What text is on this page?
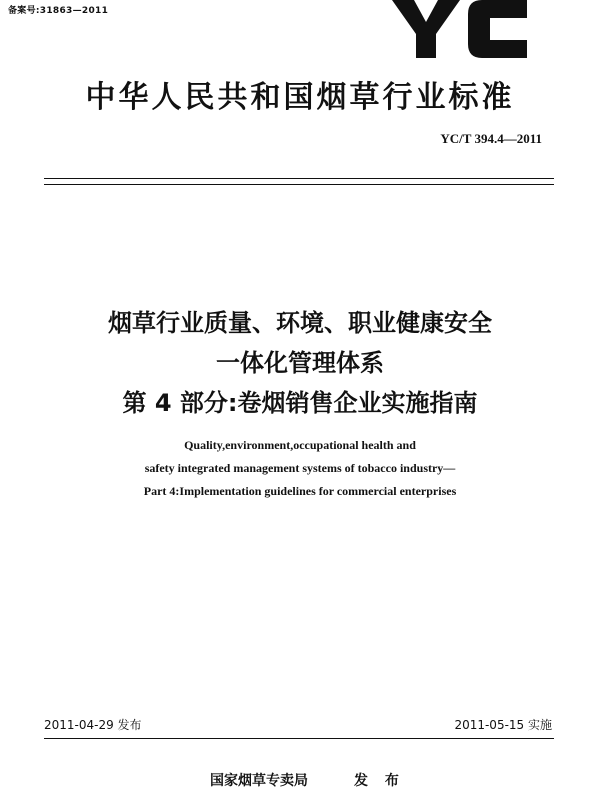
备案号:31863—2011
中华人民共和国烟草行业标准
YC/T 394.4—2011
烟草行业质量、环境、职业健康安全
一体化管理体系
第 4 部分:卷烟销售企业实施指南
Quality,environment,occupational health and
safety integrated management systems of tobacco industry—
Part 4:Implementation guidelines for commercial enterprises
2011-04-29 发布	2011-05-15 实施
国家烟草专卖局	发 布
